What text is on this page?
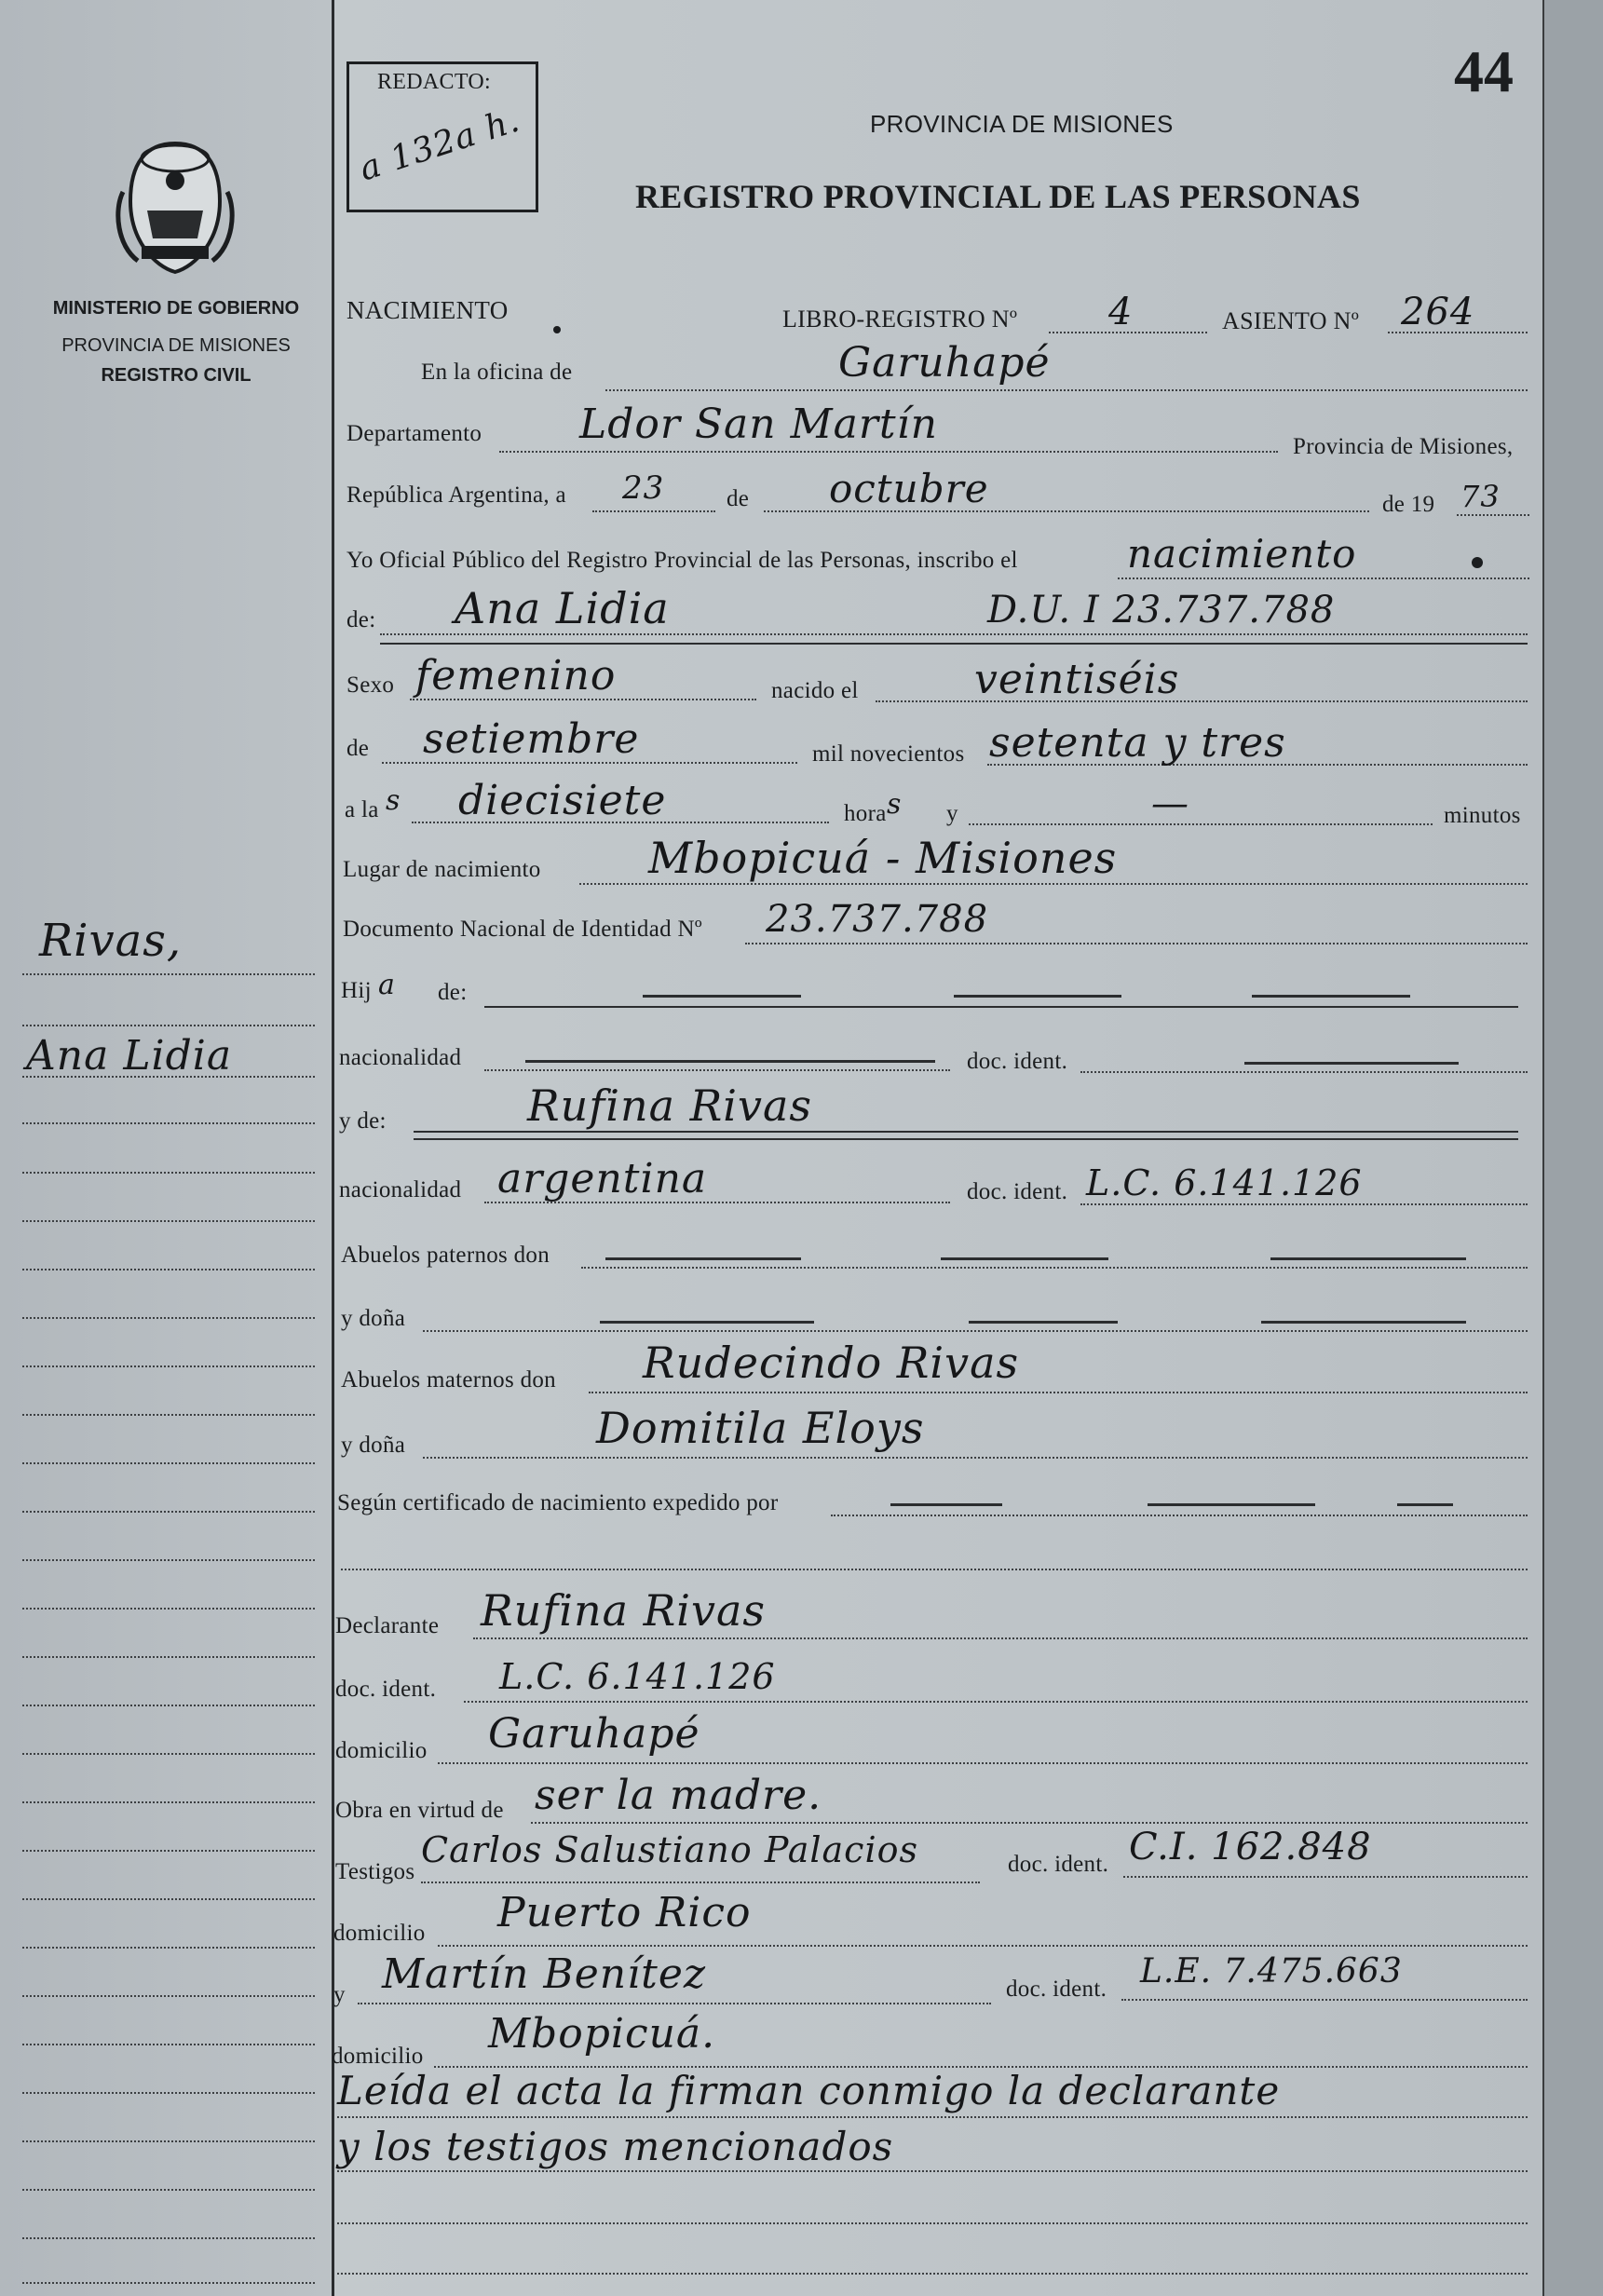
REDACTO:
a 132a h.
44
PROVINCIA DE MISIONES
REGISTRO PROVINCIAL DE LAS PERSONAS
MINISTERIO DE GOBIERNO
PROVINCIA DE MISIONES
REGISTRO CIVIL
Rivas,
Ana Lidia
NACIMIENTO	LIBRO-REGISTRO Nº 4	ASIENTO Nº 264
En la oficina de	Garuhapé
Departamento Ldor San Martín	Provincia de Misiones,
República Argentina, a 23	de octubre	de 19 73
Yo Oficial Público del Registro Provincial de las Personas, inscribo el	nacimiento
de: Ana Lidia	D.U. I 23.737.788
Sexo femenino	nacido el	veintiséis
de setiembre	mil novecientos setenta y tres
a la s diecisiete	hora s y	—	minutos
Lugar de nacimiento	Mbopicuá - Misiones
Documento Nacional de Identidad Nº 23.737.788
Hij a de:
nacionalidad	doc. ident.
y de:	Rufina Rivas
nacionalidad argentina	doc. ident. L.C. 6.141.126
Abuelos paternos don
y doña
Abuelos maternos don Rudecindo Rivas
y doña	Domitila Eloys
Según certificado de nacimiento expedido por
Declarante Rufina Rivas
doc. ident. L.C. 6.141.126
domicilio Garuhapé
Obra en virtud de ser la madre.
Testigos
Carlos Salustiano Palacios	doc. ident. C.I. 162.848
domicilio Puerto Rico
y Martín Benítez	doc. ident. L.E. 7.475.663
domicilio Mbopicuá.
Leída el acta la firman conmigo la declarante
y los testigos mencionados
